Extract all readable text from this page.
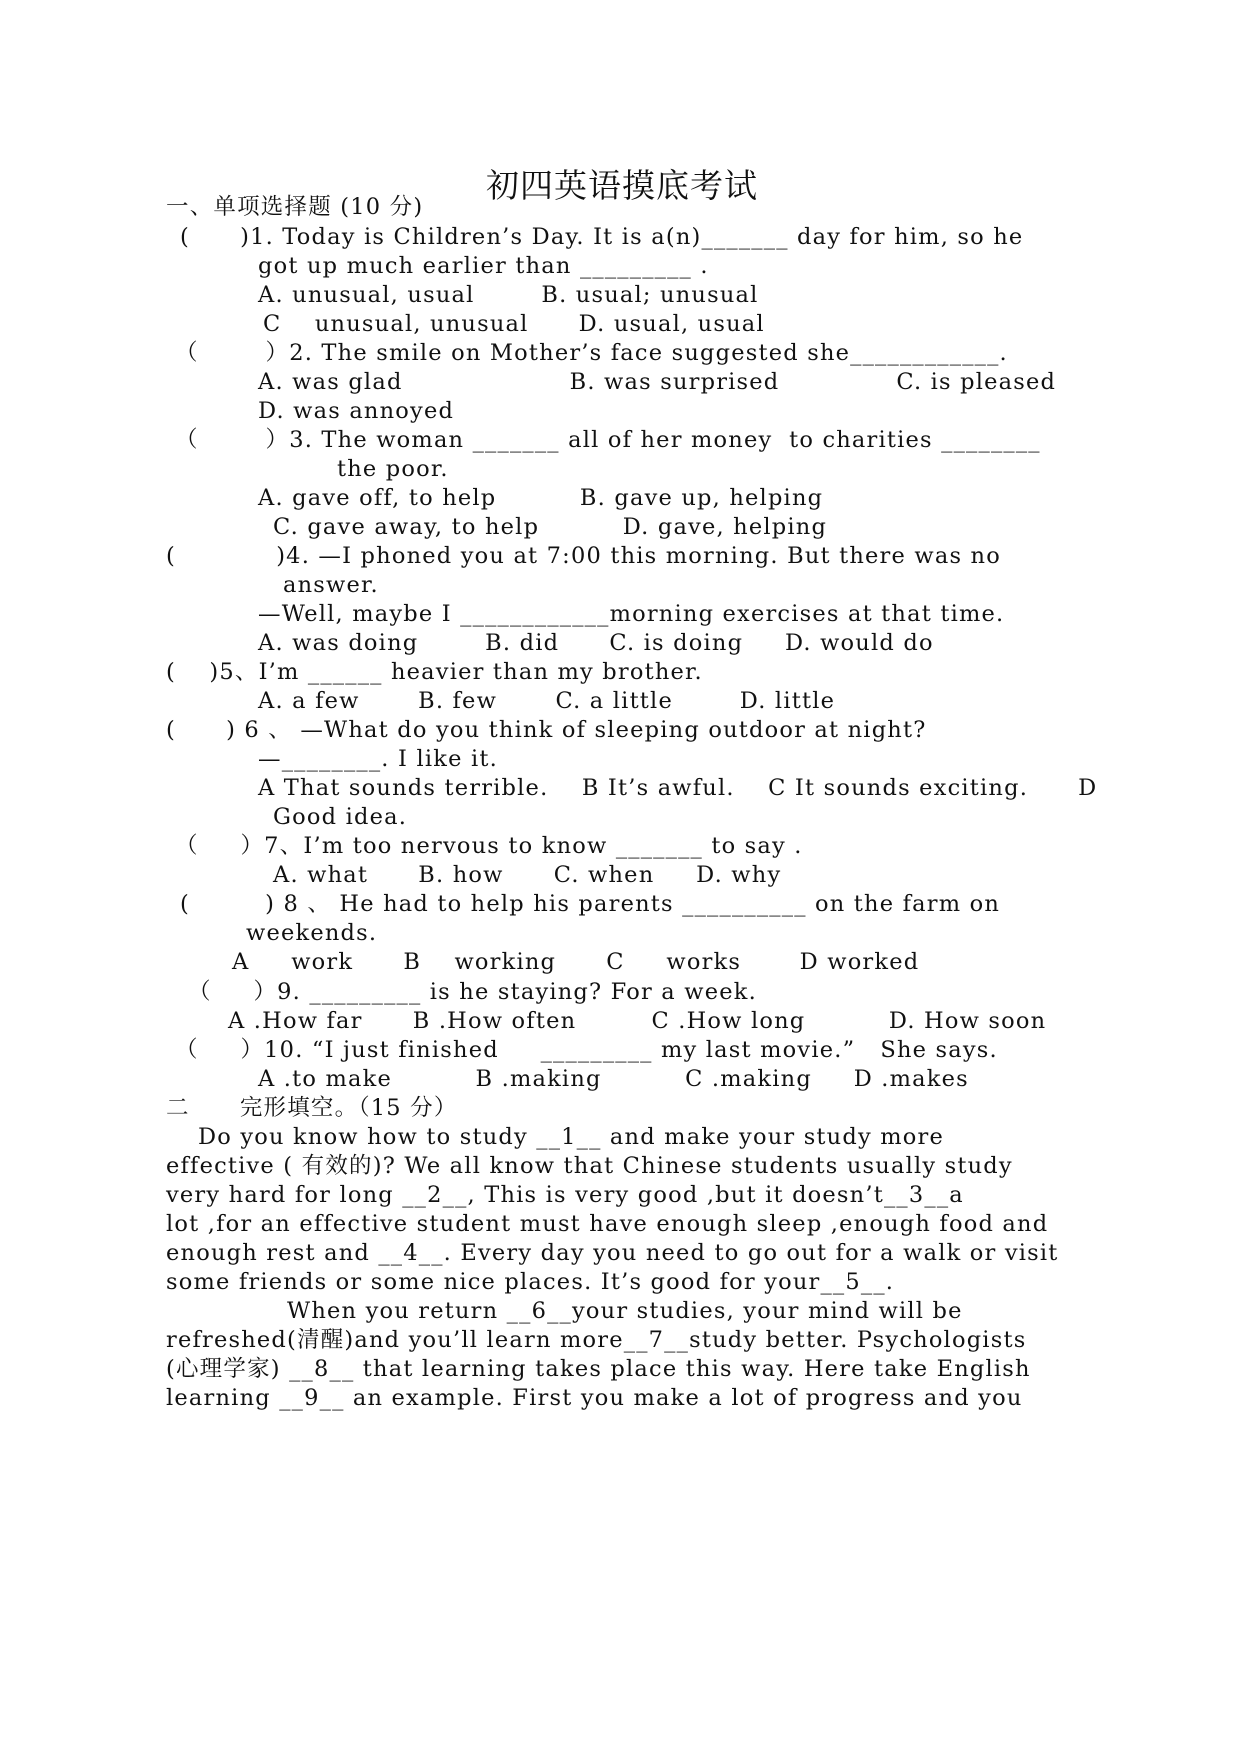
初四英语摸底考试
一、单项选择题 (10 分)
(      )1. Today is Children’s Day. It is a(n)_______ day for him, so he
got up much earlier than _________ .
A. unusual, usual        B. usual; unusual
C    unusual, unusual      D. usual, usual
（        ）2. The smile on Mother’s face suggested she____________.
A. was glad                    B. was surprised              C. is pleased
D. was annoyed
（        ）3. The woman _______ all of her money  to charities ________
the poor.
A. gave off, to help          B. gave up, helping
C. gave away, to help          D. gave, helping
(            )4. —I phoned you at 7:00 this morning. But there was no
answer.
—Well, maybe I ____________morning exercises at that time.
A. was doing        B. did      C. is doing     D. would do
(    )5、I’m ______ heavier than my brother.
A. a few       B. few       C. a little        D. little
(      ) 6 、 —What do you think of sleeping outdoor at night?
—________. I like it.
A That sounds terrible.    B It’s awful.    C It sounds exciting.      D
Good idea.
（     ）7、I’m too nervous to know _______ to say .
A. what      B. how      C. when     D. why
(         ) 8 、 He had to help his parents __________ on the farm on
weekends.
A     work      B    working      C     works       D worked
（     ）9. _________ is he staying? For a week.
A .How far      B .How often         C .How long          D. How soon
（     ）10. “I just finished     _________ my last movie.”   She says.
A .to make          B .making          C .making     D .makes
二      完形填空。（15 分）
Do you know how to study __1__ and make your study more
effective ( 有效的)? We all know that Chinese students usually study
very hard for long __2__, This is very good ,but it doesn’t__3__a
lot ,for an effective student must have enough sleep ,enough food and
enough rest and __4__. Every day you need to go out for a walk or visit
some friends or some nice places. It’s good for your__5__.
When you return __6__your studies, your mind will be
refreshed(清醒)and you’ll learn more__7__study better. Psychologists
(心理学家) __8__ that learning takes place this way. Here take English
learning __9__ an example. First you make a lot of progress and you
